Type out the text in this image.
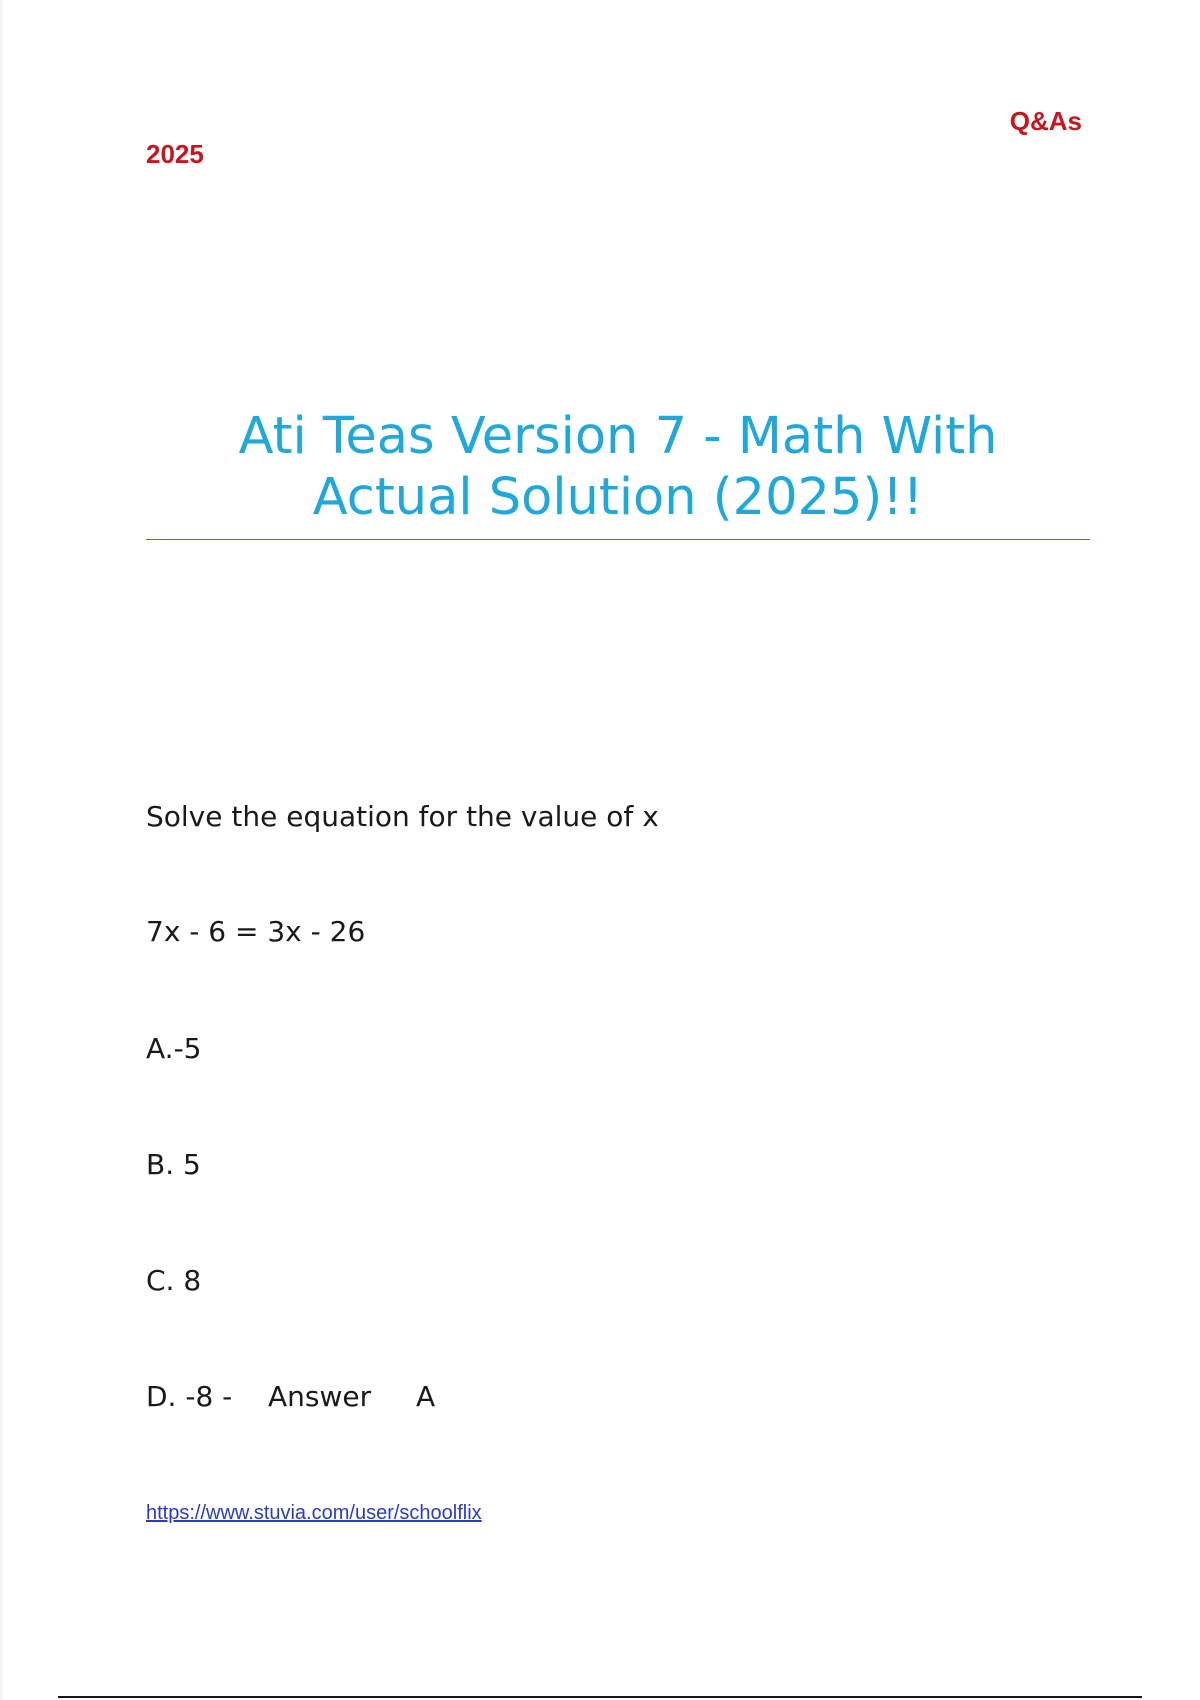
Q&As
2025
Ati Teas Version 7 - Math With
Actual Solution (2025)!!
Solve the equation for the value of x
7x - 6 = 3x - 26
A.-5
B. 5
C. 8
D. -8 - Answer A
https://www.stuvia.com/user/schoolflix
